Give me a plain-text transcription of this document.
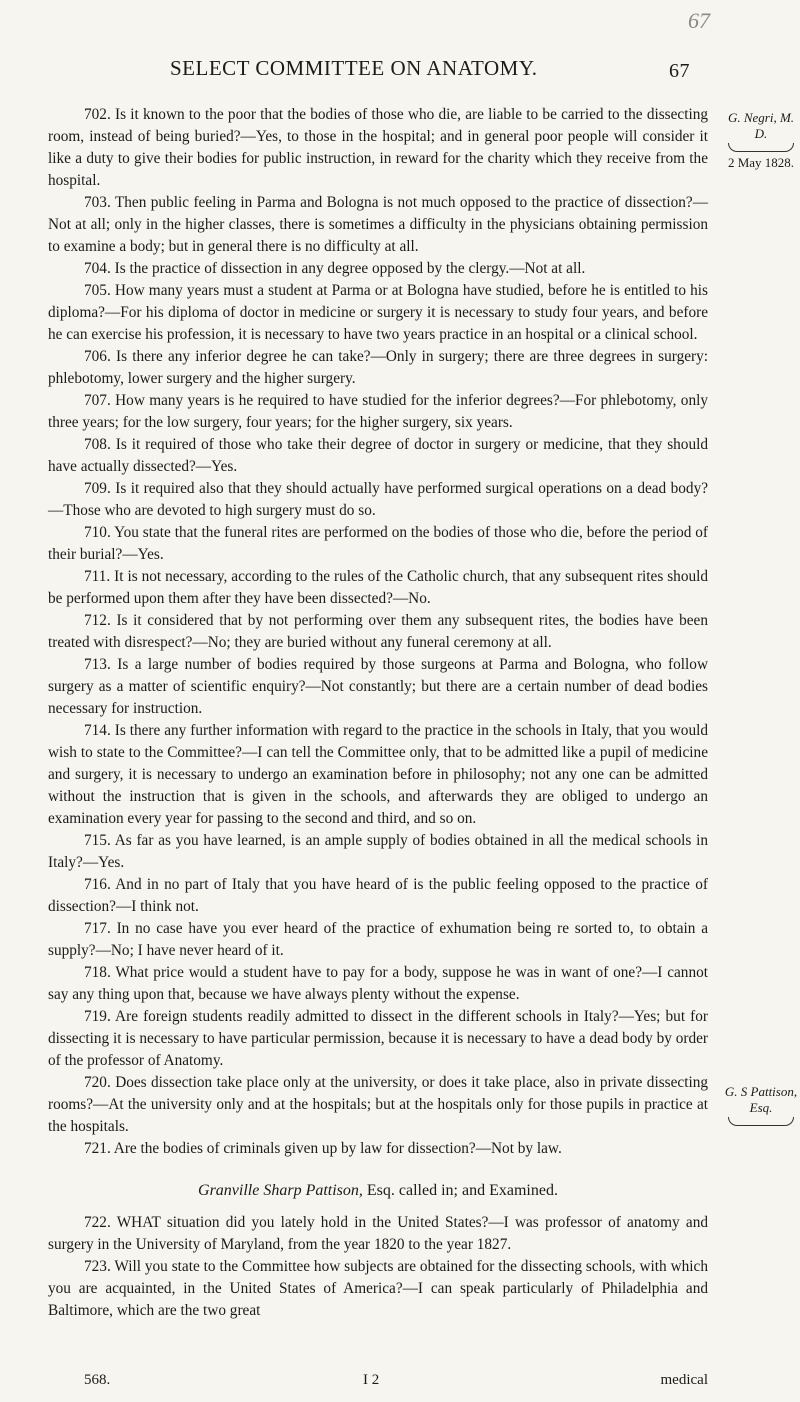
67
SELECT COMMITTEE ON ANATOMY.	67
G. Negri, M. D.
2 May 1828.
G. S Pattison, Esq.

702. Is it known to the poor that the bodies of those who die, are liable to be carried to the dissecting room, instead of being buried?—Yes, to those in the hospital; and in general poor people will consider it like a duty to give their bodies for public instruction, in reward for the charity which they receive from the hospital.

703. Then public feeling in Parma and Bologna is not much opposed to the practice of dissection?—Not at all; only in the higher classes, there is sometimes a difficulty in the physicians obtaining permission to examine a body; but in general there is no difficulty at all.

704. Is the practice of dissection in any degree opposed by the clergy.—Not at all.

705. How many years must a student at Parma or at Bologna have studied, before he is entitled to his diploma?—For his diploma of doctor in medicine or surgery it is necessary to study four years, and before he can exercise his profession, it is necessary to have two years practice in an hospital or a clinical school.

706. Is there any inferior degree he can take?—Only in surgery; there are three degrees in surgery: phlebotomy, lower surgery and the higher surgery.

707. How many years is he required to have studied for the inferior degrees?—For phlebotomy, only three years; for the low surgery, four years; for the higher surgery, six years.

708. Is it required of those who take their degree of doctor in surgery or medicine, that they should have actually dissected?—Yes.

709. Is it required also that they should actually have performed surgical operations on a dead body?—Those who are devoted to high surgery must do so.

710. You state that the funeral rites are performed on the bodies of those who die, before the period of their burial?—Yes.

711. It is not necessary, according to the rules of the Catholic church, that any subsequent rites should be performed upon them after they have been dissected?—No.

712. Is it considered that by not performing over them any subsequent rites, the bodies have been treated with disrespect?—No; they are buried without any funeral ceremony at all.

713. Is a large number of bodies required by those surgeons at Parma and Bologna, who follow surgery as a matter of scientific enquiry?—Not constantly; but there are a certain number of dead bodies necessary for instruction.

714. Is there any further information with regard to the practice in the schools in Italy, that you would wish to state to the Committee?—I can tell the Committee only, that to be admitted like a pupil of medicine and surgery, it is necessary to undergo an examination before in philosophy; not any one can be admitted without the instruction that is given in the schools, and afterwards they are obliged to undergo an examination every year for passing to the second and third, and so on.

715. As far as you have learned, is an ample supply of bodies obtained in all the medical schools in Italy?—Yes.

716. And in no part of Italy that you have heard of is the public feeling opposed to the practice of dissection?—I think not.

717. In no case have you ever heard of the practice of exhumation being re sorted to, to obtain a supply?—No; I have never heard of it.

718. What price would a student have to pay for a body, suppose he was in want of one?—I cannot say any thing upon that, because we have always plenty without the expense.

719. Are foreign students readily admitted to dissect in the different schools in Italy?—Yes; but for dissecting it is necessary to have particular permission, because it is necessary to have a dead body by order of the professor of Anatomy.

720. Does dissection take place only at the university, or does it take place, also in private dissecting rooms?—At the university only and at the hospitals; but at the hospitals only for those pupils in practice at the hospitals.

721. Are the bodies of criminals given up by law for dissection?—Not by law.

Granville Sharp Pattison, Esq. called in; and Examined.

722. WHAT situation did you lately hold in the United States?—I was professor of anatomy and surgery in the University of Maryland, from the year 1820 to the year 1827.

723. Will you state to the Committee how subjects are obtained for the dissecting schools, with which you are acquainted, in the United States of America?—I can speak particularly of Philadelphia and Baltimore, which are the two great

568.	I 2	medical
